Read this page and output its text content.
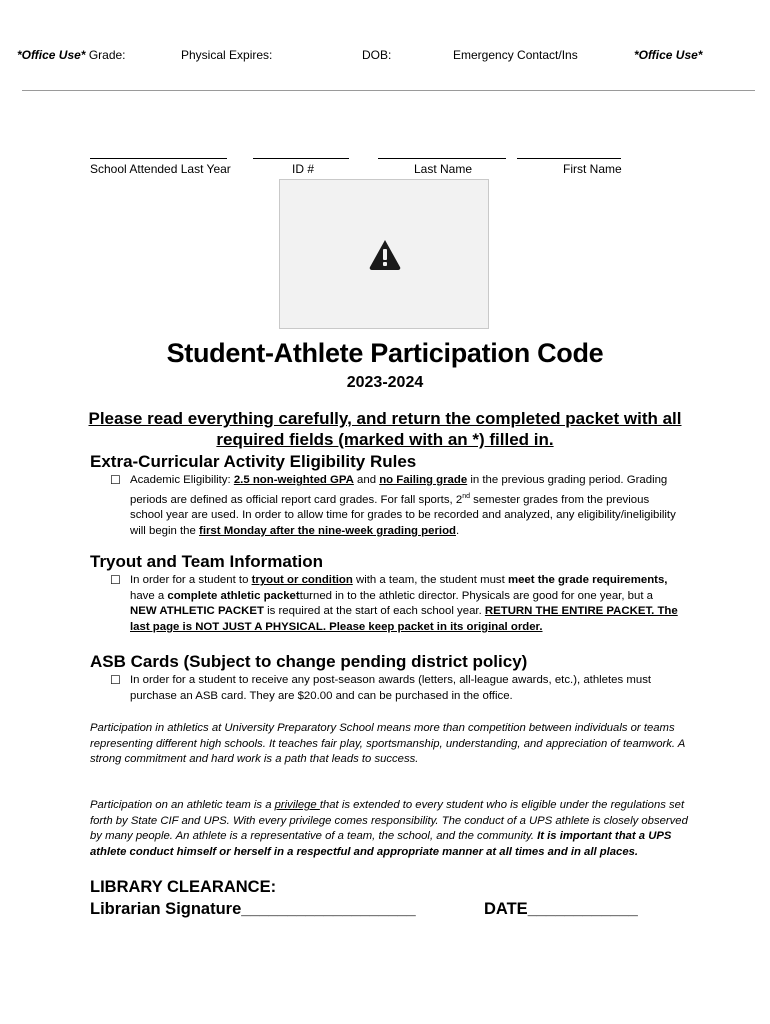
*Office Use* Grade:	Physical Expires:	DOB:	Emergency Contact/Ins	*Office Use*
School Attended Last Year	ID #	Last Name	First Name
Student-Athlete Participation Code
2023-2024
Please read everything carefully, and return the completed packet with all required fields (marked with an *) filled in.
Extra-Curricular Activity Eligibility Rules
☐ Academic Eligibility: 2.5 non-weighted GPA and no Failing grade in the previous grading period. Grading periods are defined as official report card grades. For fall sports, 2nd semester grades from the previous school year are used. In order to allow time for grades to be recorded and analyzed, any eligibility/ineligibility will begin the first Monday after the nine-week grading period.
Tryout and Team Information
☐ In order for a student to tryout or condition with a team, the student must meet the grade requirements, have a complete athletic packetturned in to the athletic director. Physicals are good for one year, but a NEW ATHLETIC PACKET is required at the start of each school year. RETURN THE ENTIRE PACKET. The last page is NOT JUST A PHYSICAL. Please keep packet in its original order.
ASB Cards (Subject to change pending district policy)
☐ In order for a student to receive any post-season awards (letters, all-league awards, etc.), athletes must purchase an ASB card. They are $20.00 and can be purchased in the office.
Participation in athletics at University Preparatory School means more than competition between individuals or teams representing different high schools. It teaches fair play, sportsmanship, understanding, and appreciation of teamwork. A strong commitment and hard work is a path that leads to success.
Participation on an athletic team is a privilege that is extended to every student who is eligible under the regulations set forth by State CIF and UPS. With every privilege comes responsibility. The conduct of a UPS athlete is closely observed by many people. An athlete is a representative of a team, the school, and the community. It is important that a UPS athlete conduct himself or herself in a respectful and appropriate manner at all times and in all places.
LIBRARY CLEARANCE:
Librarian Signature___________________	DATE____________
